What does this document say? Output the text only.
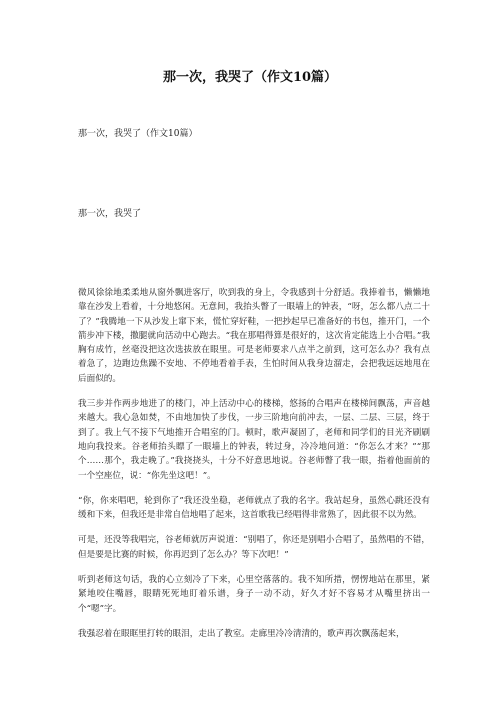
那一次，我哭了（作文10篇）
那一次，我哭了（作文10篇）
那一次，我哭了

微风徐徐地柔柔地从窗外飘进客厅，吹到我的身上，令我感到十分舒适。我捧着书，懒懒地靠在沙发上看着，十分地悠闲。无意间，我抬头瞥了一眼墙上的钟表，“呀，怎么都八点二十了？”我腾地一下从沙发上窜下来，慌忙穿好鞋，一把抄起早已准备好的书包，推开门，一个箭步冲下楼，撒腿就向活动中心跑去。“我在那唱得算是很好的，这次肯定能选上小合唱。”我胸有成竹，丝毫没把这次选拔放在眼里。可是老师要求八点半之前到，这可怎么办？我有点着急了，边跑边焦躁不安地、不停地看着手表，生怕时间从我身边溜走，会把我远远地甩在后面似的。

我三步并作两步地进了的楼门，冲上活动中心的楼梯，悠扬的合唱声在楼梯间飘荡，声音越来越大。我心急如焚，不由地加快了步伐，一步三阶地向前冲去，一层、二层、三层，终于到了。我上气不接下气地推开合唱室的门。顿时，歌声凝固了，老师和同学们的目光齐刷刷地向我投来。谷老师抬头瞟了一眼墙上的钟表，转过身，冷冷地问道：“你怎么才来？”“那个……那个，我走晚了。”我挠挠头，十分不好意思地说。谷老师瞥了我一眼，指着他面前的一个空座位，说：“你先坐这吧！”。

“你，你来唱吧，轮到你了”我还没坐稳，老师就点了我的名字。我站起身，虽然心跳还没有缓和下来，但我还是非常自信地唱了起来，这首歌我已经唱得非常熟了，因此很不以为然。

可是，还没等我唱完，谷老师就厉声说道：“别唱了，你还是别唱小合唱了，虽然唱的不错，但是要是比赛的时候，你再迟到了怎么办？等下次吧！”

听到老师这句话，我的心立刻冷了下来，心里空落落的。我不知所措，愣愣地站在那里，紧紧地咬住嘴唇，眼睛死死地盯着乐谱，身子一动不动，好久才好不容易才从嘴里挤出一个“嗯”字。

我强忍着在眼眶里打转的眼泪，走出了教室。走廊里冷冷清清的，歌声再次飘荡起来，
